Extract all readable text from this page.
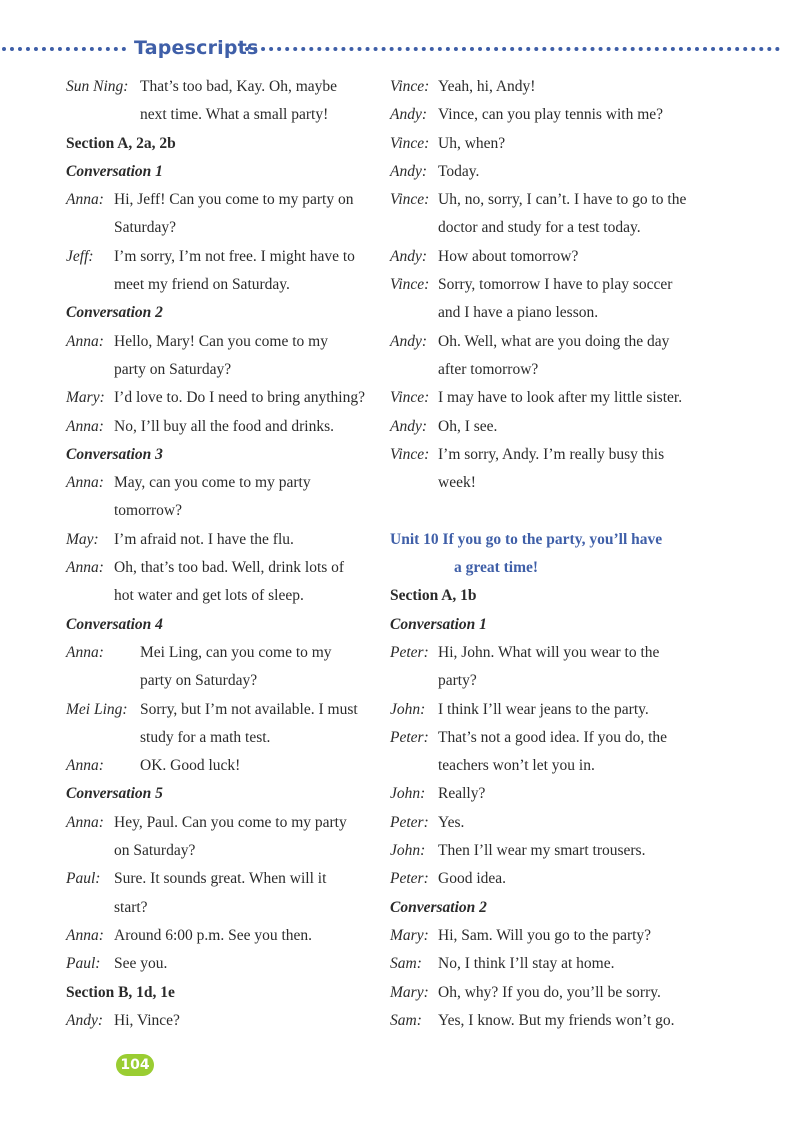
Tapescripts
Sun Ning: That’s too bad, Kay. Oh, maybe
next time. What a small party!
Section A, 2a, 2b
Conversation 1
Anna: Hi, Jeff! Can you come to my party on
Saturday?
Jeff:	I’m sorry, I’m not free. I might have to
meet my friend on Saturday.
Conversation 2
Anna: Hello, Mary! Can you come to my
party on Saturday?
Mary: I’d love to. Do I need to bring anything?
Anna: No, I’ll buy all the food and drinks.
Conversation 3
Anna: May, can you come to my party
tomorrow?
May: I’m afraid not. I have the flu.
Anna: Oh, that’s too bad. Well, drink lots of
hot water and get lots of sleep.
Conversation 4
Anna:	Mei Ling, can you come to my
party on Saturday?
Mei Ling: Sorry, but I’m not available. I must
study for a math test.
Anna:	OK. Good luck!
Conversation 5
Anna: Hey, Paul. Can you come to my party
on Saturday?
Paul: Sure. It sounds great. When will it
start?
Anna: Around 6:00 p.m. See you then.
Paul: See you.
Section B, 1d, 1e
Andy: Hi, Vince?
Vince: Yeah, hi, Andy!
Andy: Vince, can you play tennis with me?
Vince: Uh, when?
Andy: Today.
Vince: Uh, no, sorry, I can’t. I have to go to the
doctor and study for a test today.
Andy: How about tomorrow?
Vince: Sorry, tomorrow I have to play soccer
and I have a piano lesson.
Andy: Oh. Well, what are you doing the day
after tomorrow?
Vince: I may have to look after my little sister.
Andy: Oh, I see.
Vince: I’m sorry, Andy. I’m really busy this
week!
Unit 10 If you go to the party, you’ll have
a great time!
Section A, 1b
Conversation 1
Peter: Hi, John. What will you wear to the
party?
John: I think I’ll wear jeans to the party.
Peter: That’s not a good idea. If you do, the
teachers won’t let you in.
John: Really?
Peter: Yes.
John: Then I’ll wear my smart trousers.
Peter: Good idea.
Conversation 2
Mary: Hi, Sam. Will you go to the party?
Sam:	No, I think I’ll stay at home.
Mary: Oh, why? If you do, you’ll be sorry.
Sam:	Yes, I know. But my friends won’t go.
104
